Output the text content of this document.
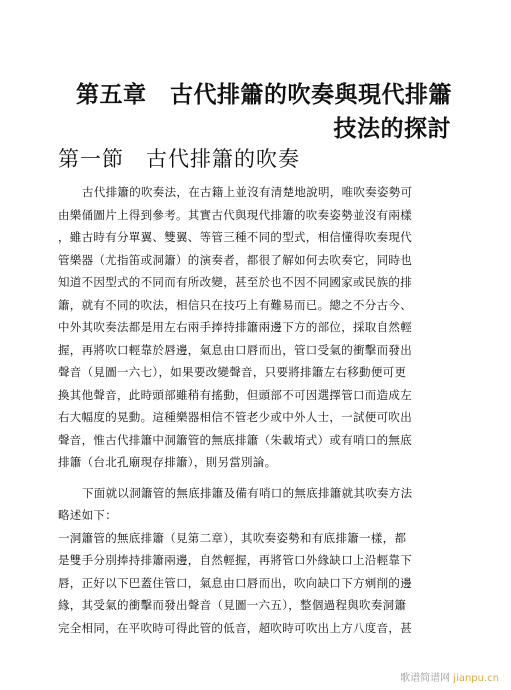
第五章　古代排簫的吹奏與現代排簫
技法的探討
第一節　古代排簫的吹奏
古代排簫的吹奏法，在古籍上並沒有清楚地說明，唯吹奏姿勢可
由樂俑圖片上得到參考。其實古代與現代排簫的吹奏姿勢並沒有兩樣
，雖古時有分單翼、雙翼、等管三種不同的型式，相信懂得吹奏現代
管樂器（尤指笛或洞簫）的演奏者，都很了解如何去吹奏它，同時也
知道不因型式的不同而有所改變，甚至於也不因不同國家或民族的排
簫，就有不同的吹法，相信只在技巧上有難易而已。總之不分古今、
中外其吹奏法都是用左右兩手捧持排簫兩邊下方的部位，採取自然輕
握，再將吹口輕靠於唇邊，氣息由口唇而出，管口受氣的衝擊而發出
聲音（見圖一六七），如果要改變聲音，只要將排簫左右移動便可更
換其他聲音，此時頭部雖稍有搖動，但頭部不可因選擇管口而造成左
右大幅度的晃動。這種樂器相信不管老少或中外人士，一試便可吹出
聲音，惟古代排簫中洞簫管的無底排簫（朱載堉式）或有哨口的無底
排簫（台北孔廟現存排簫），則另當別論。
下面就以洞簫管的無底排簫及備有哨口的無底排簫就其吹奏方法
略述如下：
一洞簫管的無底排簫（見第二章），其吹奏姿勢和有底排簫一樣，都
是雙手分別捧持排簫兩邊，自然輕握，再將管口外緣缺口上沿輕靠下
唇，正好以下巴蓋住管口，氣息由口唇而出，吹向缺口下方剜削的邊
緣，其受氣的衝擊而發出聲音（見圖一六五），整個過程與吹奏洞簫
完全相同，在平吹時可得此管的低音，超吹時可吹出上方八度音，甚
歌谱简谱网 jianpu.cn
